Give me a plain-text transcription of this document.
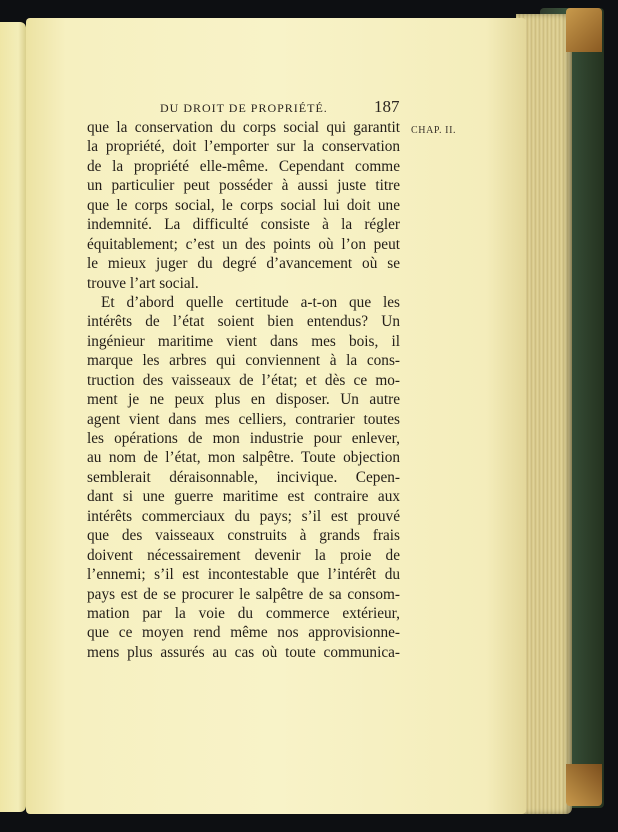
DU DROIT DE PROPRIÉTÉ.	187
CHAP. II.
que la conservation du corps social qui garantit
la propriété, doit l’emporter sur la conservation
de la propriété elle-même. Cependant comme
un particulier peut posséder à aussi juste titre
que le corps social, le corps social lui doit une
indemnité. La difficulté consiste à la régler
équitablement; c’est un des points où l’on peut
le mieux juger du degré d’avancement où se
trouve l’art social.
Et d’abord quelle certitude a-t-on que les
intérêts de l’état soient bien entendus? Un
ingénieur maritime vient dans mes bois, il
marque les arbres qui conviennent à la cons-
truction des vaisseaux de l’état; et dès ce mo-
ment je ne peux plus en disposer. Un autre
agent vient dans mes celliers, contrarier toutes
les opérations de mon industrie pour enlever,
au nom de l’état, mon salpêtre. Toute objection
semblerait déraisonnable, incivique. Cepen-
dant si une guerre maritime est contraire aux
intérêts commerciaux du pays; s’il est prouvé
que des vaisseaux construits à grands frais
doivent nécessairement devenir la proie de
l’ennemi; s’il est incontestable que l’intérêt du
pays est de se procurer le salpêtre de sa consom-
mation par la voie du commerce extérieur,
que ce moyen rend même nos approvisionne-
mens plus assurés au cas où toute communica-
